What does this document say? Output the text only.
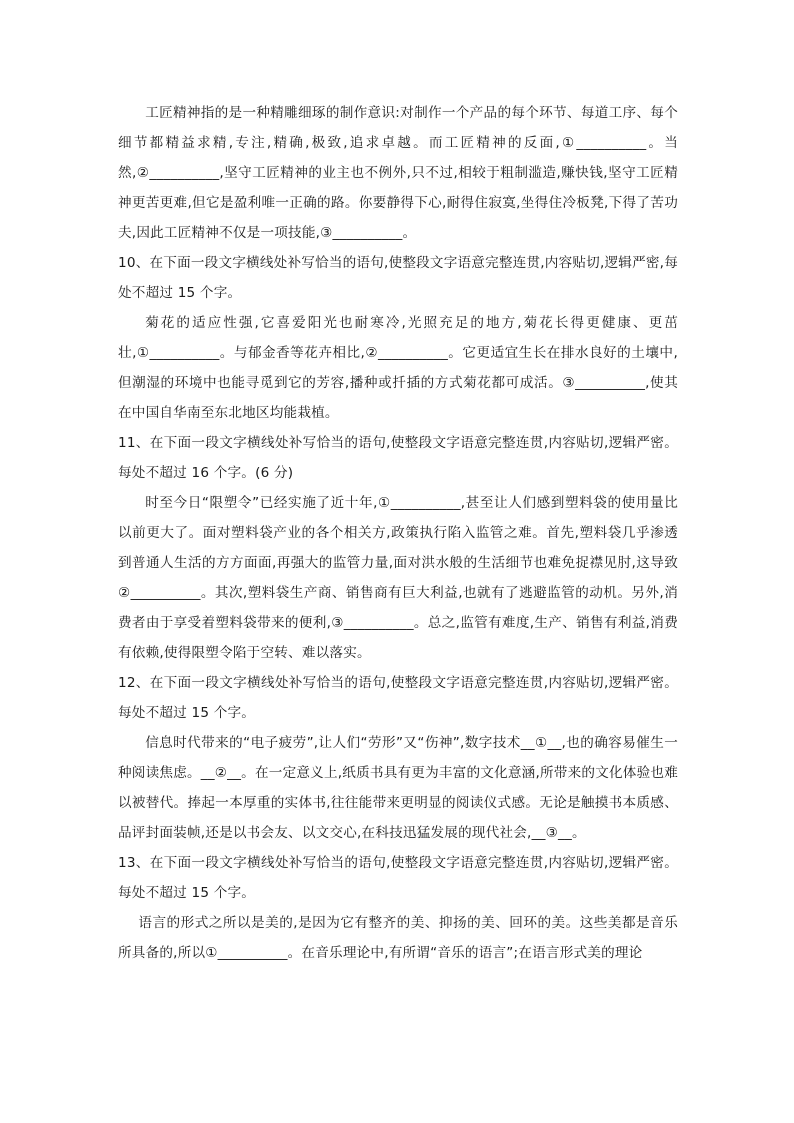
工匠精神指的是一种精雕细琢的制作意识:对制作一个产品的每个环节、每道工序、每个细节都精益求精,专注,精确,极致,追求卓越。而工匠精神的反面,①__________。当然,②__________,坚守工匠精神的业主也不例外,只不过,相较于粗制滥造,赚快钱,坚守工匠精神更苦更难,但它是盈利唯一正确的路。你要静得下心,耐得住寂寞,坐得住冷板凳,下得了苦功夫,因此工匠精神不仅是一项技能,③__________。

10、在下面一段文字横线处补写恰当的语句,使整段文字语意完整连贯,内容贴切,逻辑严密,每处不超过 15 个字。

菊花的适应性强,它喜爱阳光也耐寒冷,光照充足的地方,菊花长得更健康、更茁壮,①__________。与郁金香等花卉相比,②__________。它更适宜生长在排水良好的土壤中,但潮湿的环境中也能寻觅到它的芳容,播种或扦插的方式菊花都可成活。③__________,使其在中国自华南至东北地区均能栽植。

11、在下面一段文字横线处补写恰当的语句,使整段文字语意完整连贯,内容贴切,逻辑严密。每处不超过 16 个字。(6 分)

时至今日“限塑令”已经实施了近十年,①__________,甚至让人们感到塑料袋的使用量比以前更大了。面对塑料袋产业的各个相关方,政策执行陷入监管之难。首先,塑料袋几乎渗透到普通人生活的方方面面,再强大的监管力量,面对洪水般的生活细节也难免捉襟见肘,这导致②__________。其次,塑料袋生产商、销售商有巨大利益,也就有了逃避监管的动机。另外,消费者由于享受着塑料袋带来的便利,③__________。总之,监管有难度,生产、销售有利益,消费有依赖,使得限塑令陷于空转、难以落实。

12、在下面一段文字横线处补写恰当的语句,使整段文字语意完整连贯,内容贴切,逻辑严密。每处不超过 15 个字。

信息时代带来的“电子疲劳”,让人们“劳形”又“伤神”,数字技术__①__,也的确容易催生一种阅读焦虑。__②__。在一定意义上,纸质书具有更为丰富的文化意涵,所带来的文化体验也难以被替代。捧起一本厚重的实体书,往往能带来更明显的阅读仪式感。无论是触摸书本质感、品评封面装帧,还是以书会友、以文交心,在科技迅猛发展的现代社会,__③__。

13、在下面一段文字横线处补写恰当的语句,使整段文字语意完整连贯,内容贴切,逻辑严密。每处不超过 15 个字。

语言的形式之所以是美的,是因为它有整齐的美、抑扬的美、回环的美。这些美都是音乐所具备的,所以①__________。在音乐理论中,有所谓“音乐的语言”;在语言形式美的理论
